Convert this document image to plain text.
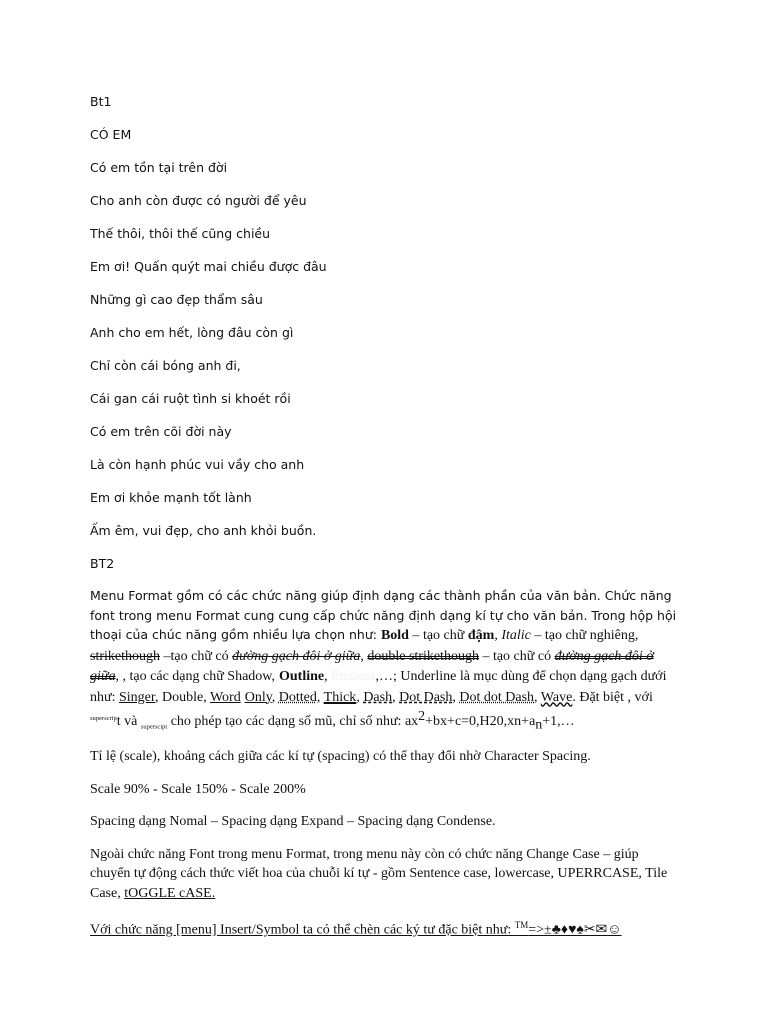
Bt1

CÓ EM

Có em tồn tại trên đời

Cho anh còn được có người để yêu

Thế thôi, thôi thế cũng chiều

Em ơi! Quấn quýt mai chiều được đâu

Những gì cao đẹp thẩm sâu

Anh cho em hết, lòng đâu còn gì

Chỉ còn cái bóng anh đi,

Cái gan cái ruột tình si khoét rồi

Có em trên cõi đời này

Là còn hạnh phúc vui vầy cho anh

Em ơi khỏe mạnh tốt lành

Ấm êm, vui đẹp, cho anh khỏi buồn.

BT2

Menu Format gồm có các chức năng giúp định dạng các thành phần của văn bản. Chức năng font trong menu Format cung cung cấp chức năng định dạng kí tự cho văn bản. Trong hộp hội thoại của chúc năng gồm nhiều lựa chọn như: Bold – tạo chữ đậm, Italic – tạo chữ nghiêng, strikethough –tạo chữ có đường gạch đôi ở giữa, double strikethough – tạo chữ có đường gạch đôi ở giữa, , tạo các dạng chữ Shadow, Outline, Emboss,…; Underline là mục dùng để chọn dạng gạch dưới như: Singer, Double, Word Only, Dotted, Thick, Dash, Dot Dash, Dot dot Dash, Wave. Đặt biệt , với $^{superscrip}$t và $_{superscipt}$ cho phép tạo các dạng số mũ, chỉ số như: $ax^2+bx+c=0,H20,xn+a_n+1,\dots$

Tỉ lệ (scale), khoảng cách giữa các kí tự (spacing) có thể thay đổi nhờ Character Spacing.

Scale 90% - Scale 150% - Scale 200%

Spacing dạng Nomal – Spacing dạng Expand – Spacing dạng Condense.

Ngoài chức năng Font trong menu Format, trong menu này còn có chức năng Change Case – giúp chuyển tự động cách thức viết hoa của chuỗi kí tự - gồm Sentence case, lowercase, UPERRCASE, Tile Case, tOGGLE cASE.

Với chức năng [menu] Insert/Symbol ta có thể chèn các ký tư đặc biệt như: ™=>±♣♦♥♠✂✉☺
